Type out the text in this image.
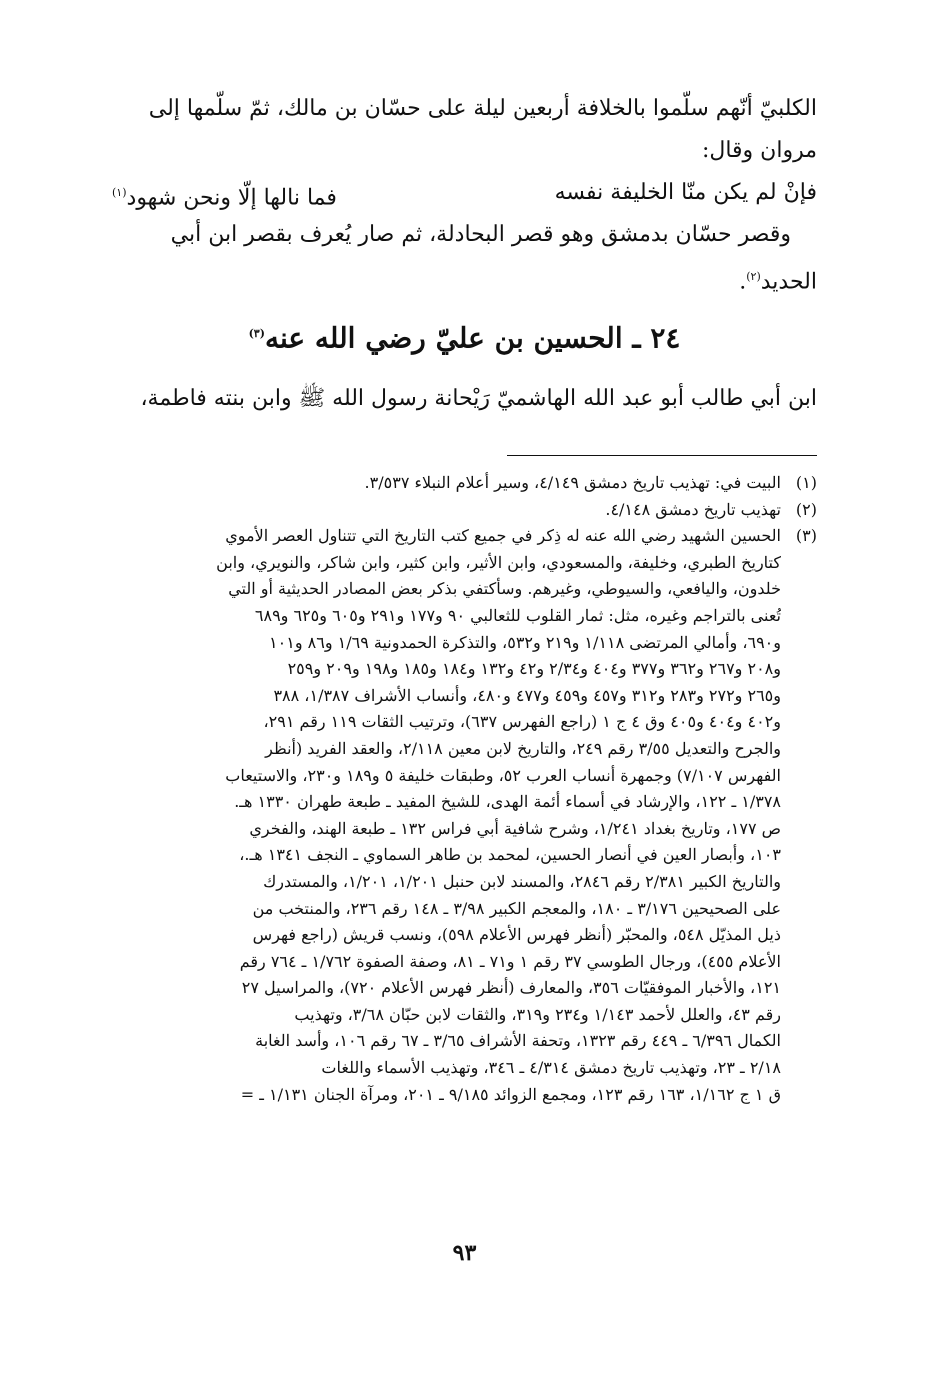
الكلبيّ أنّهم سلّموا بالخلافة أربعين ليلة على حسّان بن مالك، ثمّ سلّمها إلى
مروان وقال:
فإنْ لم يكن منّا الخليفة نفسه
فما نالها إلّا ونحن شهود$^{(١)}$
وقصر حسّان بدمشق وهو قصر البحادلة، ثم صار يُعرف بقصر ابن أبي
الحديد$^{(٢)}$.
٢٤ ـ الحسين بن عليّ رضي الله عنه$^{(٣)}$
ابن أبي طالب أبو عبد الله الهاشميّ رَيْحانة رسول الله ﷺ وابن بنته فاطمة،
(١)
البيت في: تهذيب تاريخ دمشق ٤/١٤٩، وسير أعلام النبلاء ٣/٥٣٧.
(٢)
تهذيب تاريخ دمشق ٤/١٤٨.
(٣)
الحسين الشهيد رضي الله عنه له ذِكر في جميع كتب التاريخ التي تتناول العصر الأموي
كتاريخ الطبري، وخليفة، والمسعودي، وابن الأثير، وابن كثير، وابن شاكر، والنويري، وابن
خلدون، واليافعي، والسيوطي، وغيرهم. وسأكتفي بذكر بعض المصادر الحديثية أو التي
تُعنى بالتراجم وغيره، مثل: ثمار القلوب للثعالبي ٩٠ و١٧٧ و٢٩١ و٦٠٥ و٦٢٥ و٦٨٩
و٦٩٠، وأمالي المرتضى ١/١١٨ و٢١٩ و٥٣٢، والتذكرة الحمدونية ١/٦٩ و٨٦ و١٠١
و٢٠٨ و٢٦٧ و٣٦٢ و٣٧٧ و٤٠٤ و٢/٣٤ و٤٢ و١٣٢ و١٨٤ و١٨٥ و١٩٨ و٢٠٩ و٢٥٩
و٢٦٥ و٢٧٢ و٢٨٣ و٣١٢ و٤٥٧ و٤٥٩ و٤٧٧ و٤٨٠، وأنساب الأشراف ١/٣٨٧، ٣٨٨
و٤٠٢ و٤٠٤ و٤٠٥ وق ٤ ج ١ (راجع الفهرس ٦٣٧)، وترتيب الثقات ١١٩ رقم ٢٩١،
والجرح والتعديل ٣/٥٥ رقم ٢٤٩، والتاريخ لابن معين ٢/١١٨، والعقد الفريد (أنظر
الفهرس ٧/١٠٧) وجمهرة أنساب العرب ٥٢، وطبقات خليفة ٥ و١٨٩ و٢٣٠، والاستيعاب
١/٣٧٨ ـ ١٢٢، والإرشاد في أسماء أئمة الهدى، للشيخ المفيد ـ طبعة طهران ١٣٣٠ هـ.
ص ١٧٧، وتاريخ بغداد ١/٢٤١، وشرح شافية أبي فراس ١٣٢ ـ طبعة الهند، والفخري
١٠٣، وأبصار العين في أنصار الحسين، لمحمد بن طاهر السماوي ـ النجف ١٣٤١ هـ.،
والتاريخ الكبير ٢/٣٨١ رقم ٢٨٤٦، والمسند لابن حنبل ١/٢٠١، ١/٢٠١، والمستدرك
على الصحيحين ٣/١٧٦ ـ ١٨٠، والمعجم الكبير ٣/٩٨ ـ ١٤٨ رقم ٢٣٦، والمنتخب من
ذيل المذيّل ٥٤٨، والمحبّر (أنظر فهرس الأعلام ٥٩٨)، ونسب قريش (راجع فهرس
الأعلام ٤٥٥)، ورجال الطوسي ٣٧ رقم ١ و٧١ ـ ٨١، وصفة الصفوة ١/٧٦٢ ـ ٧٦٤ رقم
١٢١، والأخبار الموفقيّات ٣٥٦، والمعارف (أنظر فهرس الأعلام ٧٢٠)، والمراسيل ٢٧
رقم ٤٣، والعلل لأحمد ١/١٤٣ و٢٣٤ و٣١٩، والثقات لابن حبّان ٣/٦٨، وتهذيب
الكمال ٦/٣٩٦ ـ ٤٤٩ رقم ١٣٢٣، وتحفة الأشراف ٣/٦٥ ـ ٦٧ رقم ١٠٦، وأسد الغابة
٢/١٨ ـ ٢٣، وتهذيب تاريخ دمشق ٤/٣١٤ ـ ٣٤٦، وتهذيب الأسماء واللغات
ق ١ ج ١/١٦٢، ١٦٣ رقم ١٢٣، ومجمع الزوائد ٩/١٨٥ ـ ٢٠١، ومرآة الجنان ١/١٣١ ـ =
٩٣
